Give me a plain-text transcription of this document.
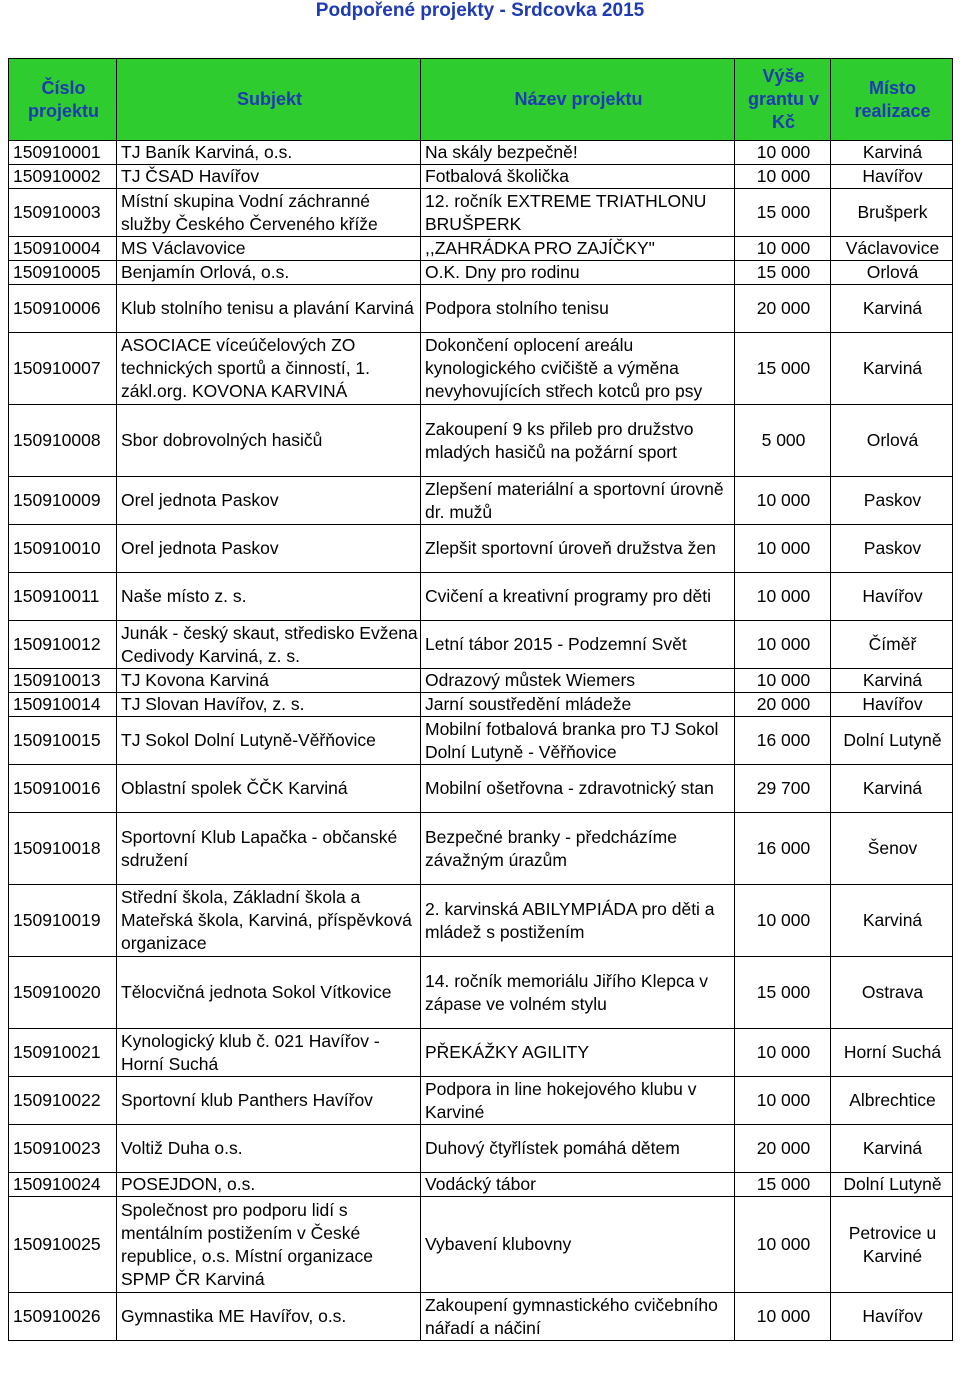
Podpořené projekty - Srdcovka 2015
Číslo projektu	Subjekt	Název projektu	Výše grantu v Kč	Místo realizace
150910001	TJ Baník Karviná, o.s.	Na skály bezpečně!	10 000	Karviná
150910002	TJ ČSAD Havířov	Fotbalová školička	10 000	Havířov
150910003	Místní skupina Vodní záchranné služby Českého Červeného kříže	12. ročník EXTREME TRIATHLONU BRUŠPERK	15 000	Brušperk
150910004	MS Václavovice	,,ZAHRÁDKA PRO ZAJÍČKY"	10 000	Václavovice
150910005	Benjamín Orlová, o.s.	O.K. Dny pro rodinu	15 000	Orlová
150910006	Klub stolního tenisu a plavání Karviná	Podpora stolního tenisu	20 000	Karviná
150910007	ASOCIACE víceúčelových ZO technických sportů a činností, 1. zákl.org. KOVONA KARVINÁ	Dokončení oplocení areálu kynologického cvičiště a výměna nevyhovujících střech kotců pro psy	15 000	Karviná
150910008	Sbor dobrovolných hasičů	Zakoupení 9 ks přileb pro družstvo mladých hasičů na požární sport	5 000	Orlová
150910009	Orel jednota Paskov	Zlepšení materiální a sportovní úrovně dr. mužů	10 000	Paskov
150910010	Orel jednota Paskov	Zlepšit sportovní úroveň družstva žen	10 000	Paskov
150910011	Naše místo z. s.	Cvičení a kreativní programy pro děti	10 000	Havířov
150910012	Junák - český skaut, středisko Evžena Cedivody Karviná, z. s.	Letní tábor 2015 - Podzemní Svět	10 000	Číměř
150910013	TJ Kovona Karviná	Odrazový můstek Wiemers	10 000	Karviná
150910014	TJ Slovan Havířov, z. s.	Jarní soustředění mládeže	20 000	Havířov
150910015	TJ Sokol Dolní Lutyně-Věřňovice	Mobilní fotbalová branka pro TJ Sokol Dolní Lutyně - Věřňovice	16 000	Dolní Lutyně
150910016	Oblastní spolek ČČK Karviná	Mobilní ošetřovna - zdravotnický stan	29 700	Karviná
150910018	Sportovní Klub Lapačka - občanské sdružení	Bezpečné branky - předcházíme závažným úrazům	16 000	Šenov
150910019	Střední škola, Základní škola a Mateřská škola, Karviná, příspěvková organizace	2. karvinská ABILYMPIÁDA pro děti a mládež s postižením	10 000	Karviná
150910020	Tělocvičná jednota Sokol Vítkovice	14. ročník memoriálu Jiřího Klepca v zápase ve volném stylu	15 000	Ostrava
150910021	Kynologický klub č. 021 Havířov - Horní Suchá	PŘEKÁŽKY AGILITY	10 000	Horní Suchá
150910022	Sportovní klub Panthers Havířov	Podpora in line hokejového klubu v Karviné	10 000	Albrechtice
150910023	Voltiž Duha o.s.	Duhový čtyřlístek pomáhá dětem	20 000	Karviná
150910024	POSEJDON, o.s.	Vodácký tábor	15 000	Dolní Lutyně
150910025	Společnost pro podporu lidí s mentálním postižením v České republice, o.s. Místní organizace SPMP ČR Karviná	Vybavení klubovny	10 000	Petrovice u Karviné
150910026	Gymnastika ME Havířov, o.s.	Zakoupení gymnastického cvičebního nářadí a náčiní	10 000	Havířov
